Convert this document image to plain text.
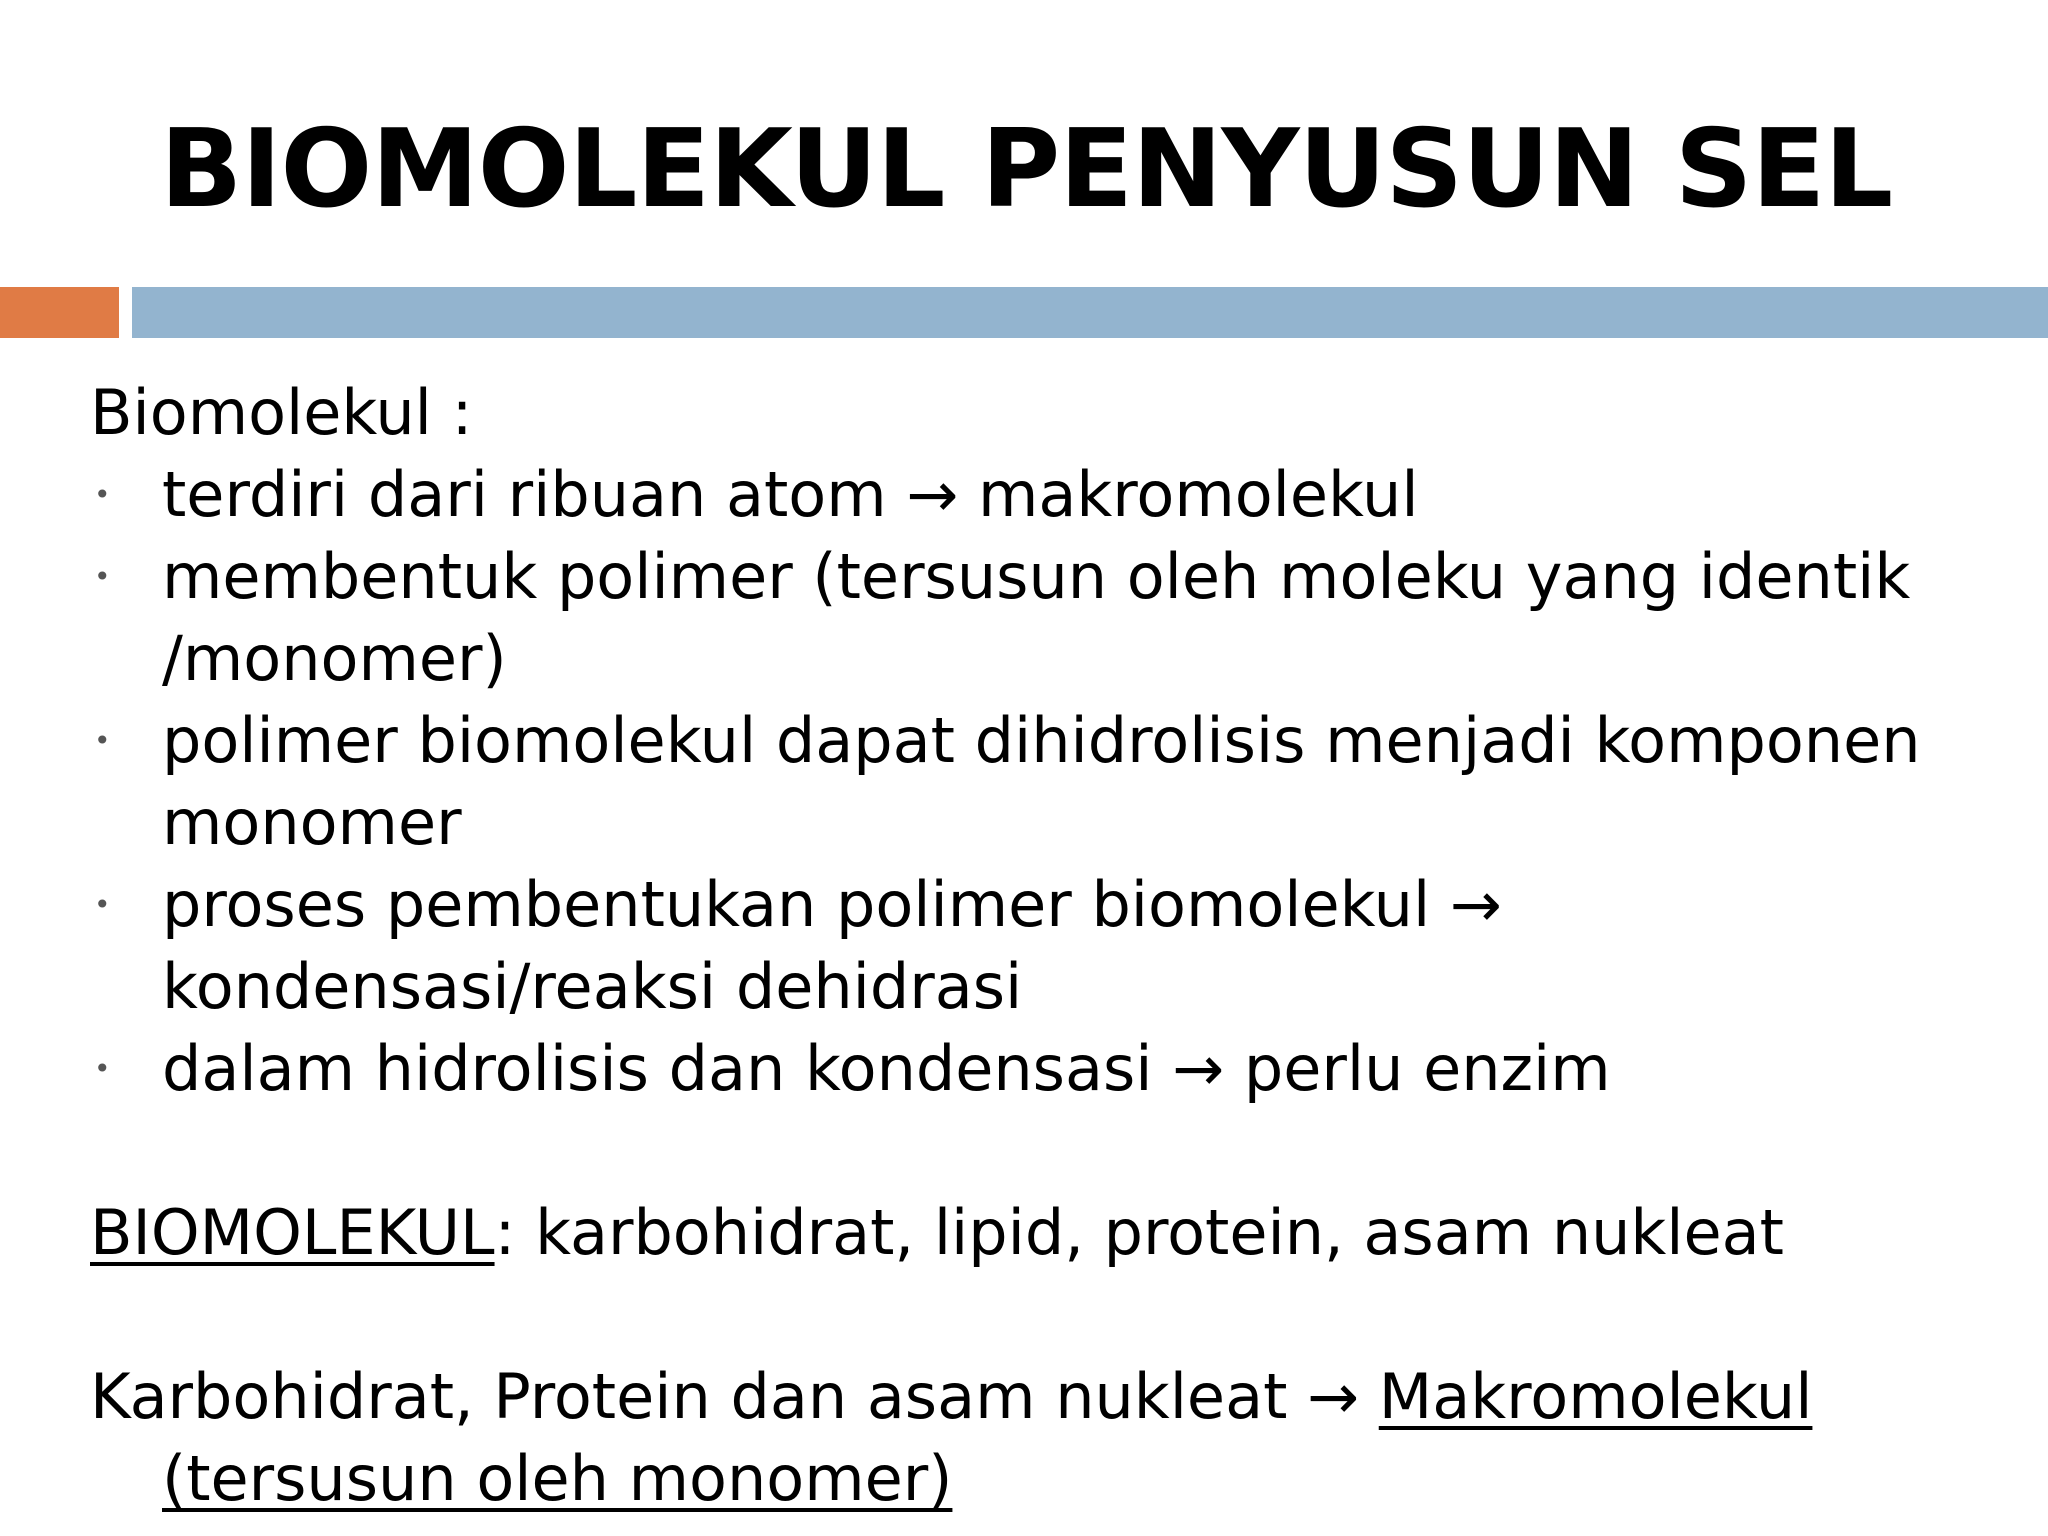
BIOMOLEKUL PENYUSUN SEL

Biomolekul :

• terdiri dari ribuan atom → makromolekul
• membentuk polimer (tersusun oleh moleku yang identik /monomer)
• polimer biomolekul dapat dihidrolisis menjadi komponen monomer
• proses pembentukan polimer biomolekul → kondensasi/reaksi dehidrasi
• dalam hidrolisis dan kondensasi → perlu enzim

BIOMOLEKUL: karbohidrat, lipid, protein, asam nukleat

Karbohidrat, Protein dan asam nukleat → Makromolekul (tersusun oleh monomer)
